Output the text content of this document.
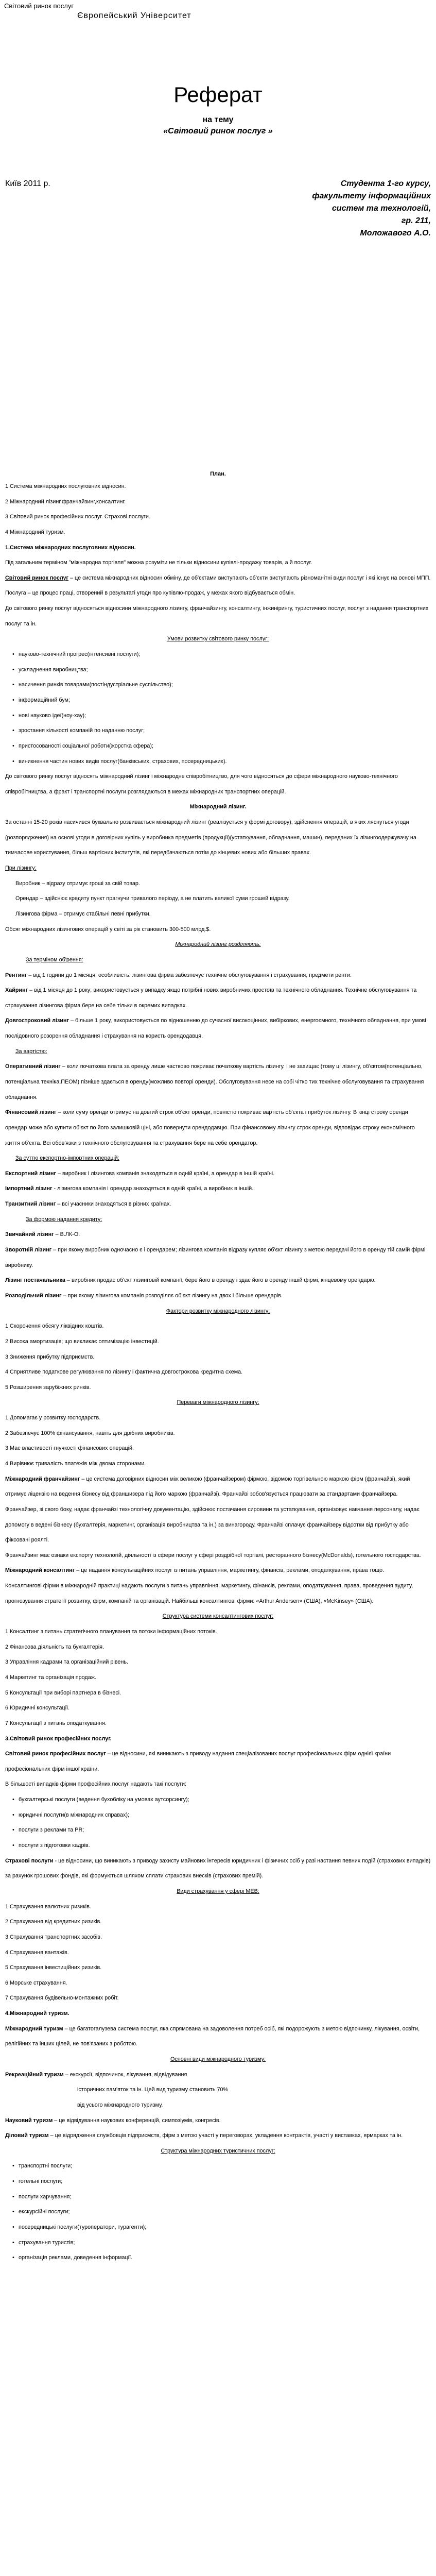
Світовий ринок послуг
Європейський Університет
Реферат
на тему
«Світовий ринок послуг »
Київ 2011 р.	Студента 1-го курсу,
факультету інформаційних
систем та технологій,
гр. 211,
Моложавого А.О.
План.
1.Система міжнародних послуговних відносин.
2.Міжнародний лізинг,франчайзинг,консалтинг.
3.Світовий ринок професійних послуг. Страхові послуги.
4.Міжнародний туризм.
1.Система міжнародних послуговних відносин.
Під загальним терміном "міжнародна торгівля" можна розуміти не тільки відносини купівлі-продажу товарів, а й послуг.
Світовий ринок послуг – це система міжнародних відносин обміну, де об'єктами виступають об'єкти виступають різноманітні види послуг і які існує на основі МПП.
Послуга – це процес праці, створений в результаті угоди про купівлю-продаж, у межах якого відбувається обмін.
До світового ринку послуг відносяться відносини міжнародного лізингу, франчайзингу, консалтингу, інжинірингу, туристичних послуг, послуг з надання транспортних послуг та ін.
Умови розвитку світового ринку послуг:
• науково-технічний прогрес(інтенсивні послуги);
• ускладнення виробництва;
• насичення ринків товарами(постіндустріальне суспільство);
• інформаційний бум;
• нові науково ідеї(ноу-хау);
• зростання кількості компаній по наданню послуг;
• пристосованості соціальної роботи(жорстка сфера);
• виникнення частин нових видів послуг(банківських, страхових, посередницьких).
До світового ринку послуг відносять міжнародний лізинг і міжнародне співробітництво, для чого відносяться до сфери міжнародного науково-технічного співробітництва, а фракт і транспортні послуги розглядаються в межах міжнародних транспортних операцій.
Міжнародний лізинг.
За останні 15-20 років насичився буквально розвивається міжнародний лізинг (реалізується у формі договору), здійснення операцій, в яких ляснуться угоди (розпорядження) на основі угоди в договірних купіль у виробника предметів (продукції)(устаткування, обладнання, машин), переданих їх лізингоодержувачу на тимчасове користування, більш вартісних інститутів, які передбачаються потім до кінцевих нових або більших правах.
При лізингу:
Виробник – відразу отримує гроші за свій товар.
Орендар – здійснює кредиту пункт прагнучи тривалого періоду, а не платить великої суми грошей відразу.
Лізингова фірма – отримує стабільні певні прибутки.
Обсяг міжнародних лізингових операцій у світі за рік становить 300-500 млрд.$.
Міжнародний лізинг розділяють:
За терміном об'рення:
Рентинг – від 1 години до 1 місяця, особливість: лізингова фірма забезпечує технічне обслуговування і страхування, предмети ренти.
Хайринг – від 1 місяця до 1 року; використовується у випадку якщо потрібні нових виробничих простоїв та технічного обладнання. Технічне обслуговування та страхування лізингова фірма бере на себе тільки в окремих випадках.
Довгостроковий лізинг – більше 1 року, використовується по відношенню до сучасної високоцінних, вибіркових, енергоємного, технічного обладнання, при умові послідовного розорення обладнання і страхування на користь орендодавця.
За вартістю:
Оперативний лізинг – коли початкова плата за оренду лише частково покриває початкову вартість лізингу. І не захищає (тому ці лізингу, об'єктом(потенціально, потенціальна техніка,ПЕОМ) пізніше здається в оренду(можливо повторі оренди). Обслуговування несе на собі чітко тих технічне обслуговування та страхування обладнання.
Фінансовий лізинг – коли суму оренди отримує на довгий строк об'єкт оренди, повністю покриває вартість об'єкта і прибуток лізингу. В кінці строку оренди орендар може або купити об'єкт по його залишковій ціні, або повернути орендодавцю. При фінансовому лізингу строк оренди, відповідає строку економічного життя об'єкта. Всі обов'язки з технічного обслуговування та страхування бере на себе орендатор.
За суттю експортно-імпортних операцій:
Експортний лізинг – виробник і лізингова компанія знаходяться в одній країні, а орендар в іншій країні.
Імпортний лізинг - лізингова компанія і орендар знаходяться в одній країні, а виробник в іншій.
Транзитний лізинг – всі учасники знаходяться в різних країнах.
За формою надання кредиту:
Звичайний лізинг – В.ЛК-О.
Зворотній лізинг – при якому виробник одночасно є і орендарем; лізингова компанія відразу купляє об'єкт лізингу з метою передачі його в оренду тій самій фірмі виробнику.
Лізинг постачальника – виробник продає об'єкт лізинговій компанії, бере його в оренду і здає його в оренду іншій фірмі, кінцевому орендарю.
Розподільчий лізинг – при якому лізингова компанія розподіляє об'єкт лізингу на двох і більше орендарів.
Фактори розвитку міжнародного лізингу:
1.Скорочення обсягу ліквідних коштів.
2.Висока амортизація; що викликає оптимізацію інвестицій.
3.Зниження прибутку підприємств.
4.Сприятливе податкове регулювання по лізингу і фактична довгострокова кредитна схема.
5.Розширення зарубіжних ринків.
Переваги міжнародного лізингу:
1.Допомагає у розвитку господарств.
2.Забезпечує 100% фінансування, навіть для дрібних виробників.
3.Має властивості гнучкості фінансових операцій.
4.Вирівнює тривалість платежів між двома сторонами.
Міжнародний франчайзинг – це система договірних відносин між великою (франчайзером) фірмою, відомою торгівельною маркою фірм (франчайзі), який отримує ліцензію на ведення бізнесу від франшизера під його маркою (франчайзі). Франчайзі зобов'язується працювати за стандартами франчайзера. Франчайзер, зі свого боку, надає франчайзі технологічну документацію, здійснює постачання сировини та устаткування, організовує навчання персоналу, надає допомогу в ведені бізнесу (бухгалтерія, маркетинг, організація виробництва та ін.) за винагороду. Франчайзі сплачує франчайзеру відсотки від прибутку або фіксовані роялті.
Франчайзинг має ознаки експорту технологій, діяльності із сфери послуг у сфері роздрібної торгівлі, ресторанного бізнесу(McDonalds), готельного господарства.
Міжнародний консалтинг – це надання консультаційних послуг із питань управління, маркетингу, фінансів, реклами, оподаткування, права тощо.
Консалтингові фірми в міжнародній практиці надають послуги з питань управління, маркетингу, фінансів, реклами, оподаткування, права, проведення аудиту, прогнозування стратегії розвитку, фірм, компаній та організацій. Найбільші консалтингові фірми: «Arthur Andersen» (США), «McKinsey» (США).
Структура системи консалтингових послуг:
1.Консалтинг з питань стратегічного планування та потоки інформаційних потоків.
2.Фінансова діяльність та бухгалтерія.
3.Управління кадрами та організаційний рівень.
4.Маркетинг та організація продаж.
5.Консультації при виборі партнера в бізнесі.
6.Юридичні консультації.
7.Консультації з питань оподаткування.
3.Світовий ринок професійних послуг.
Світовий ринок професійних послуг – це відносини, які виникають з приводу надання спеціалізованих послуг професіональних фірм однієї країни професіональних фірм іншої країни.
В більшості випадків фірми професійних послуг надають такі послуги:
• бухгалтерські послуги (ведення бухобліку на умовах аутсорсингу);
• юридичні послуги(в міжнародних справах);
• послуги з реклами та PR;
• послуги з підготовки кадрів.
Страхові послуги - це відносини, що виникають з приводу захисту майнових інтересів юридичних і фізичних осіб у разі настання певних подій (страхових випадків) за рахунок грошових фондів, які формуються шляхом сплати страхових внесків (страхових премій).
Види страхування у сфері МЕВ:
1.Страхування валютних ризиків.
2.Страхування від кредитних ризиків.
3.Страхування транспортних засобів.
4.Страхування вантажів.
5.Страхування інвестиційних ризиків.
6.Морське страхування.
7.Страхування будівельно-монтажних робіт.
4.Міжнародний туризм.
Міжнародний туризм – це багатогалузева система послуг, яка спрямована на задоволення потреб осіб, які подорожують з метою відпочинку, лікування, освіти, релігійних та інших цілей, не пов'язаних з роботою.
Основні види міжнародного туризму:
Рекреаційний туризм – екскурсії, відпочинок, лікування, відвідування
історичних пам'яток та ін. Цей вид туризму становить 70%
від усього міжнародного туризму.
Науковий туризм – це відвідування наукових конференцій, симпозіумів, конгресів.
Діловий туризм – це відрядження службовців підприємств, фірм з метою участі у переговорах, укладення контрактів, участі у виставках, ярмарках та ін.
Структура міжнародних туристичних послуг:
• транспортні послуги;
• готельні послуги;
• послуги харчування;
• екскурсійні послуги;
• посередницькі послуги(туроператори, турагенти);
• страхування туристів;
• організація реклами, доведення інформації.
